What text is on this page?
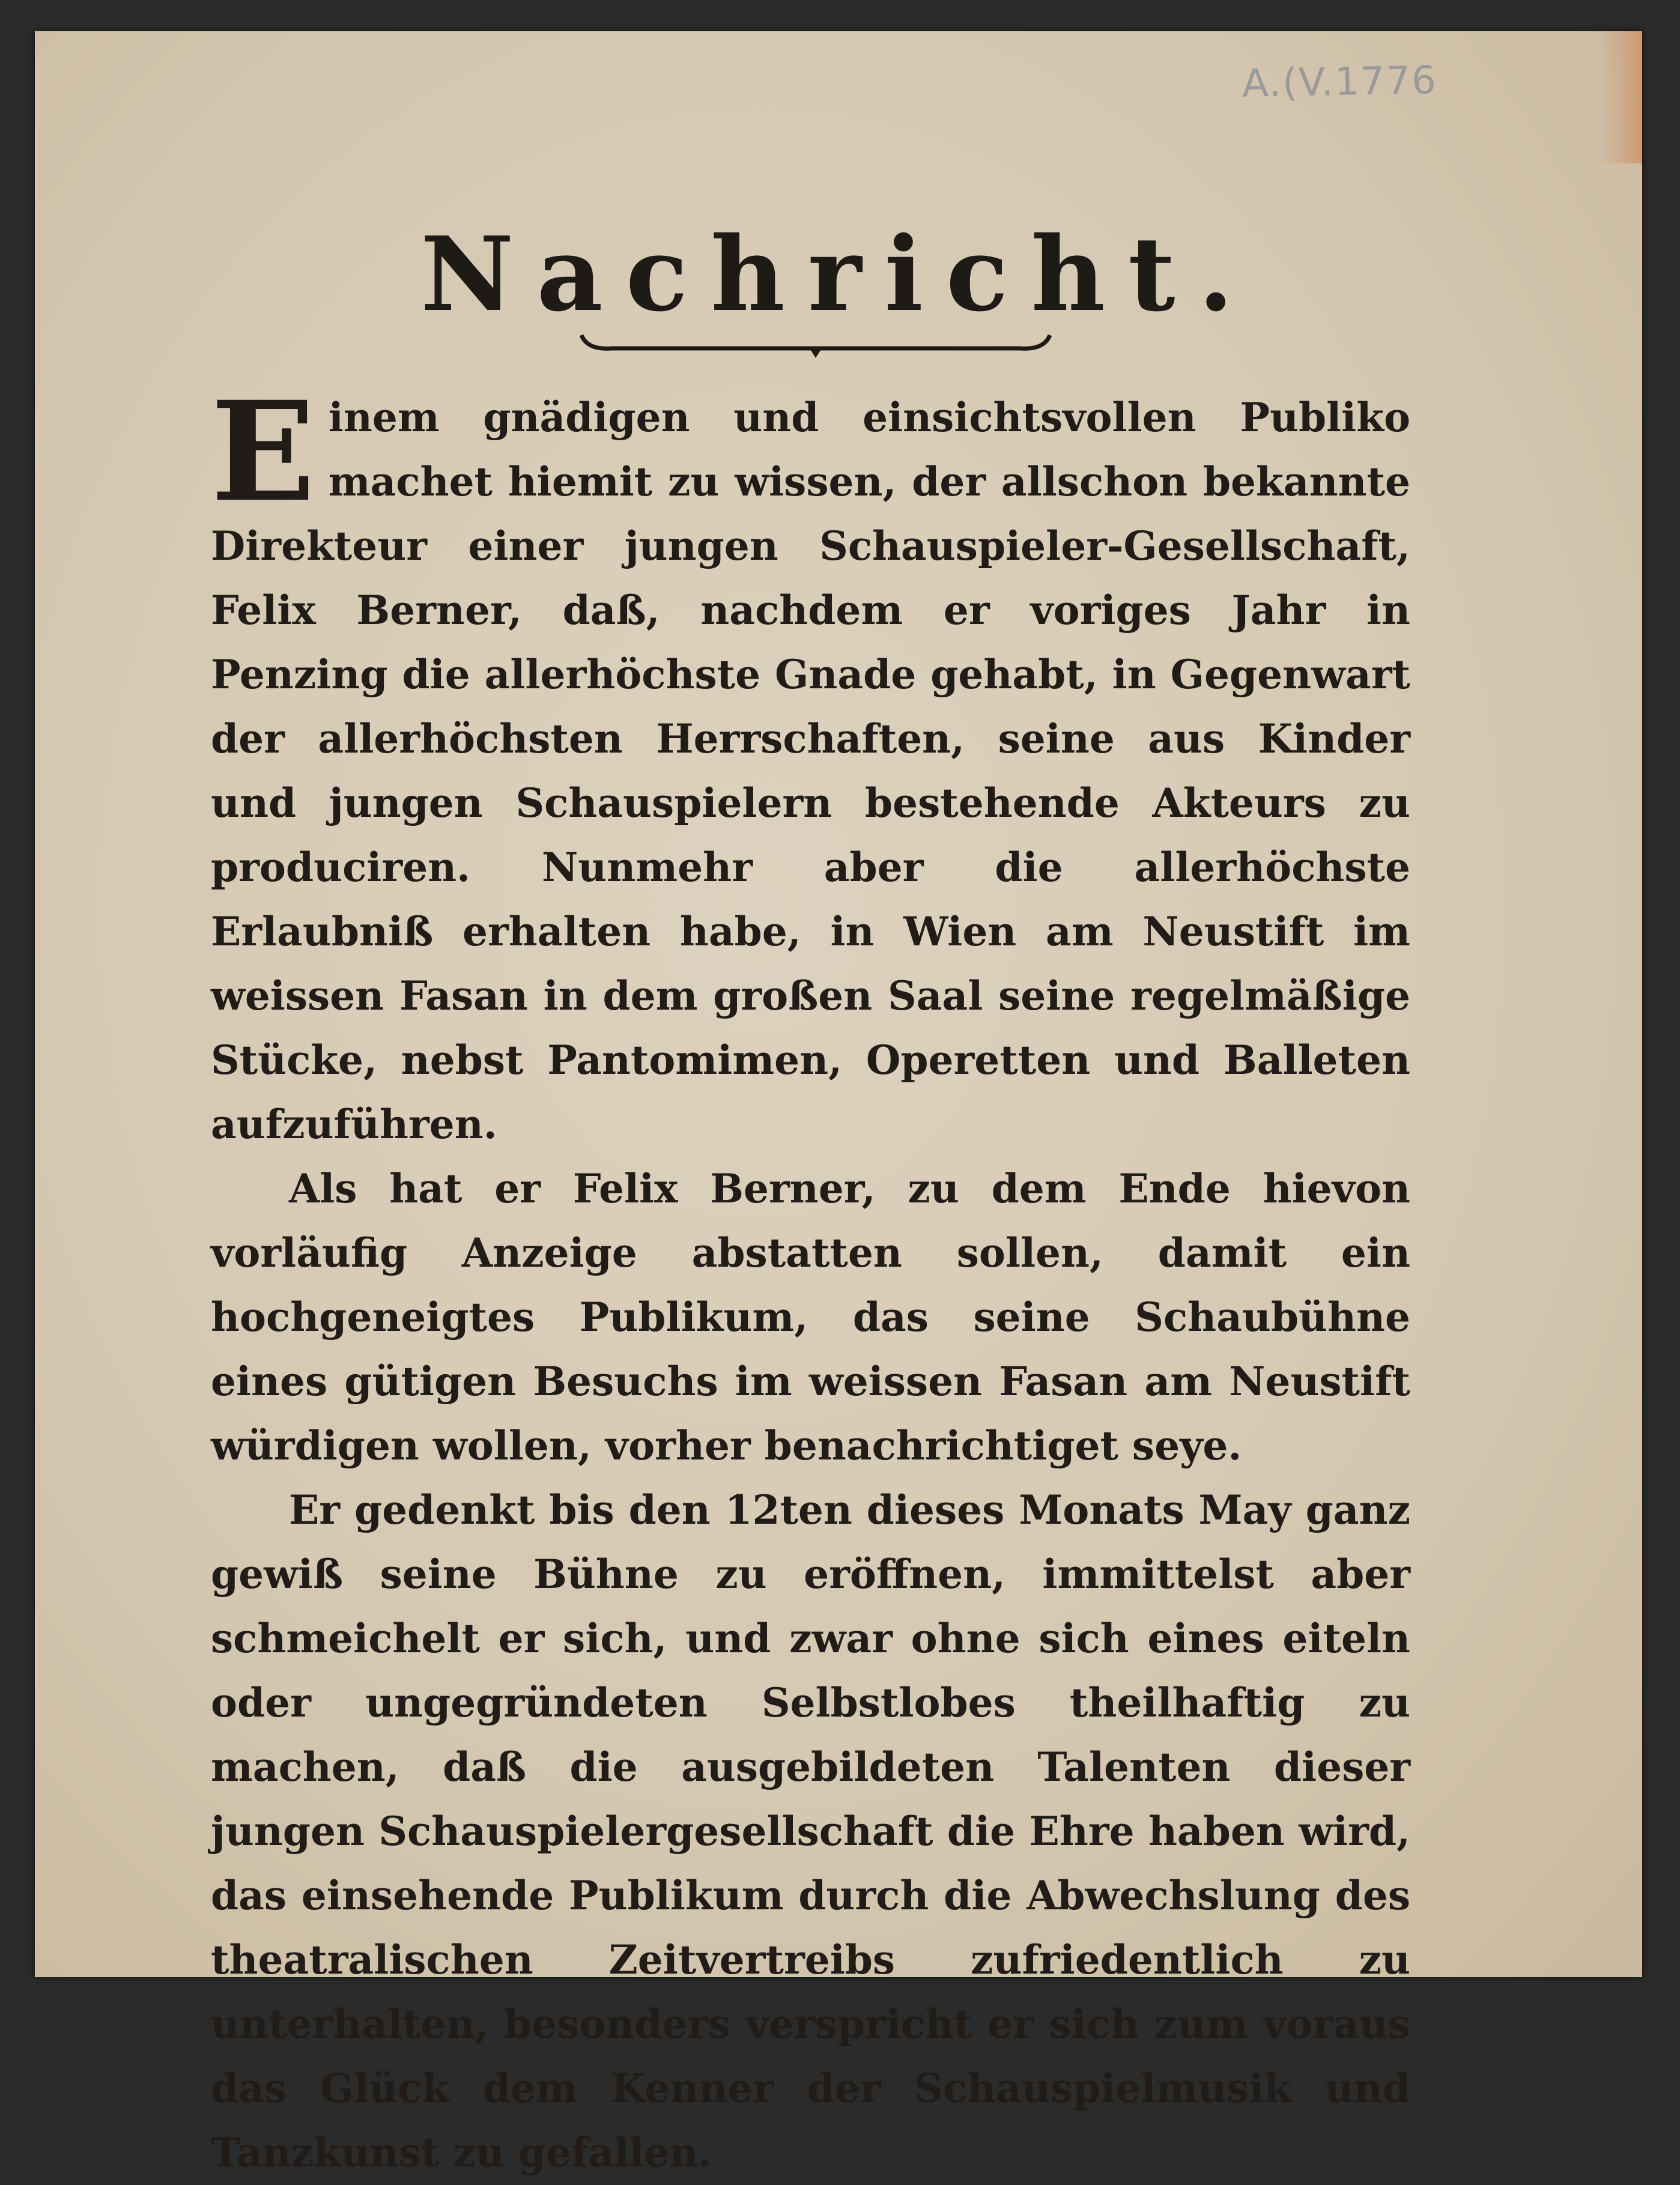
A.(V.1776
Nachricht.

E inem gnädigen und einsichtsvollen Publiko machet hiemit zu wissen, der allschon bekannte Direkteur einer jungen Schauspieler-Gesellschaft, Felix Berner, daß, nachdem er voriges Jahr in Penzing die allerhöchste Gnade gehabt, in Gegenwart der allerhöchsten Herrschaften, seine aus Kinder und jungen Schauspielern bestehende Akteurs zu produciren. Nunmehr aber die allerhöchste Erlaubniß erhalten habe, in Wien am Neustift im weissen Fasan in dem großen Saal seine regelmäßige Stücke, nebst Pantomimen, Operetten und Balleten aufzuführen.

Als hat er Felix Berner, zu dem Ende hievon vorläufig Anzeige abstatten sollen, damit ein hochgeneigtes Publikum, das seine Schaubühne eines gütigen Besuchs im weissen Fasan am Neustift würdigen wollen, vorher benachrichtiget seye.

Er gedenkt bis den 12ten dieses Monats May ganz gewiß seine Bühne zu eröffnen, immittelst aber schmeichelt er sich, und zwar ohne sich eines eiteln oder ungegründeten Selbstlobes theilhaftig zu machen, daß die ausgebildeten Talenten dieser jungen Schauspielergesellschaft die Ehre haben wird, das einsehende Publikum durch die Abwechslung des theatralischen Zeitvertreibs zufriedentlich zu unterhalten, besonders verspricht er sich zum voraus das Glück dem Kenner der Schauspielmusik und Tanzkunst zu gefallen.
